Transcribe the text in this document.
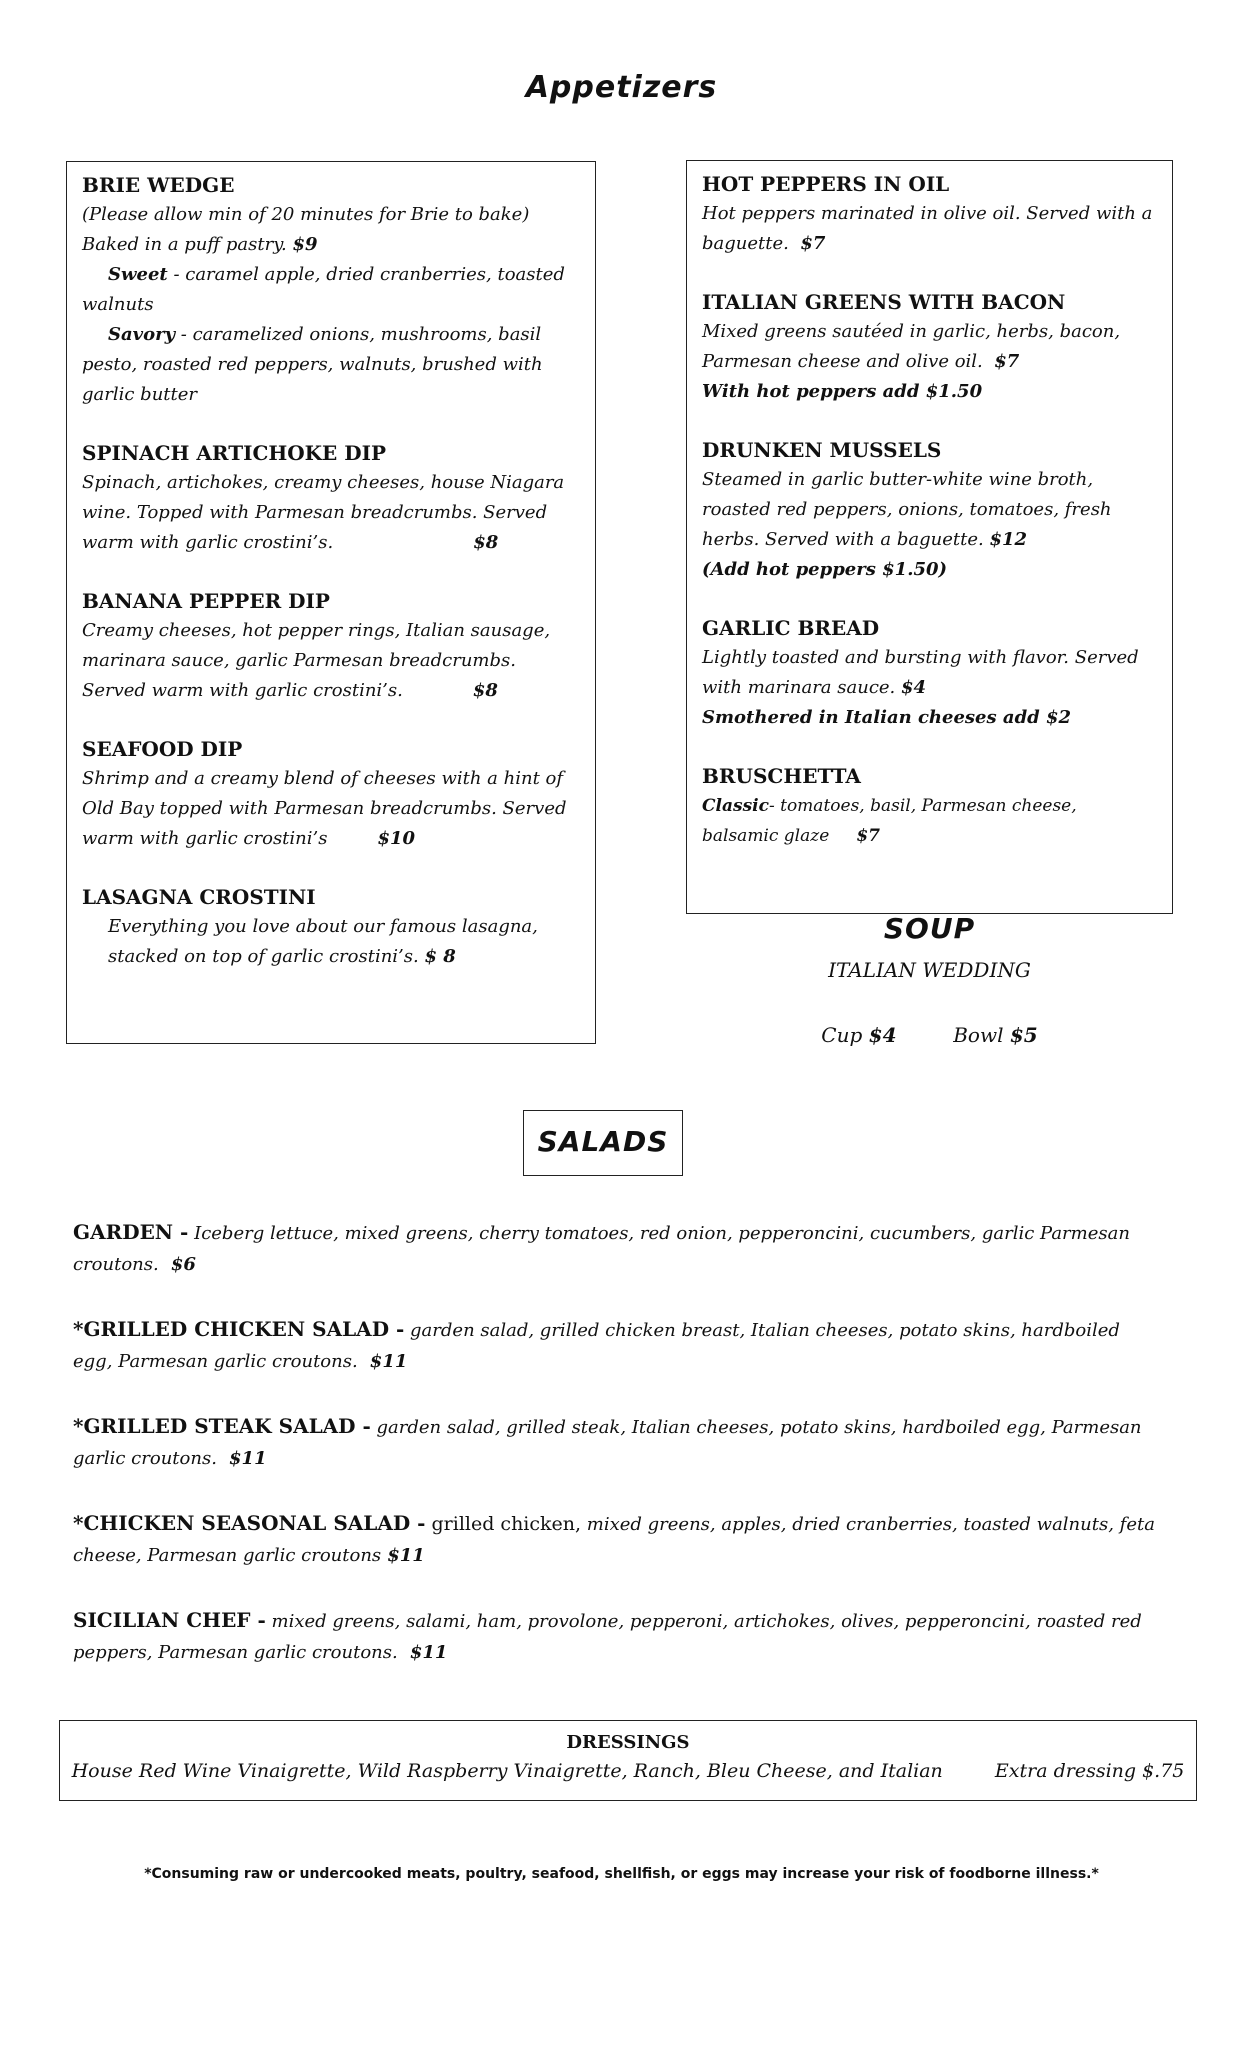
Appetizers

BRIE WEDGE

(Please allow min of 20 minutes for Brie to bake)

Baked in a puff pastry. $9

Sweet - caramel apple, dried cranberries, toasted walnuts

Savory - caramelized onions, mushrooms, basil pesto, roasted red peppers, walnuts, brushed with garlic butter

SPINACH ARTICHOKE DIP

Spinach, artichokes, creamy cheeses, house Niagara wine. Topped with Parmesan breadcrumbs. Served warm with garlic crostini’s.	$8

BANANA PEPPER DIP

Creamy cheeses, hot pepper rings, Italian sausage, marinara sauce, garlic Parmesan breadcrumbs. Served warm with garlic crostini’s.	$8

SEAFOOD DIP

Shrimp and a creamy blend of cheeses with a hint of Old Bay topped with Parmesan breadcrumbs. Served warm with garlic crostini’s	$10

LASAGNA CROSTINI

Everything you love about our famous lasagna, stacked on top of garlic crostini’s. $ 8

HOT PEPPERS IN OIL

Hot peppers marinated in olive oil. Served with a baguette. $7

ITALIAN GREENS WITH BACON

Mixed greens sautéed in garlic, herbs, bacon, Parmesan cheese and olive oil. $7

With hot peppers add $1.50

DRUNKEN MUSSELS

Steamed in garlic butter-white wine broth, roasted red peppers, onions, tomatoes, fresh herbs. Served with a baguette. $12

(Add hot peppers $1.50)

GARLIC BREAD

Lightly toasted and bursting with flavor. Served with marinara sauce. $4

Smothered in Italian cheeses add $2

BRUSCHETTA

Classic- tomatoes, basil, Parmesan cheese, balsamic glaze $7

SOUP
ITALIAN WEDDING
Cup $4	Bowl $5
SALADS

GARDEN - Iceberg lettuce, mixed greens, cherry tomatoes, red onion, pepperoncini, cucumbers, garlic Parmesan croutons. $6

*GRILLED CHICKEN SALAD - garden salad, grilled chicken breast, Italian cheeses, potato skins, hardboiled egg, Parmesan garlic croutons. $11

*GRILLED STEAK SALAD - garden salad, grilled steak, Italian cheeses, potato skins, hardboiled egg, Parmesan garlic croutons. $11

*CHICKEN SEASONAL SALAD - grilled chicken, mixed greens, apples, dried cranberries, toasted walnuts, feta cheese, Parmesan garlic croutons $11

SICILIAN CHEF - mixed greens, salami, ham, provolone, pepperoni, artichokes, olives, pepperoncini, roasted red peppers, Parmesan garlic croutons. $11

DRESSINGS
House Red Wine Vinaigrette, Wild Raspberry Vinaigrette, Ranch, Bleu Cheese, and Italian	Extra dressing $.75
*Consuming raw or undercooked meats, poultry, seafood, shellfish, or eggs may increase your risk of foodborne illness.*
